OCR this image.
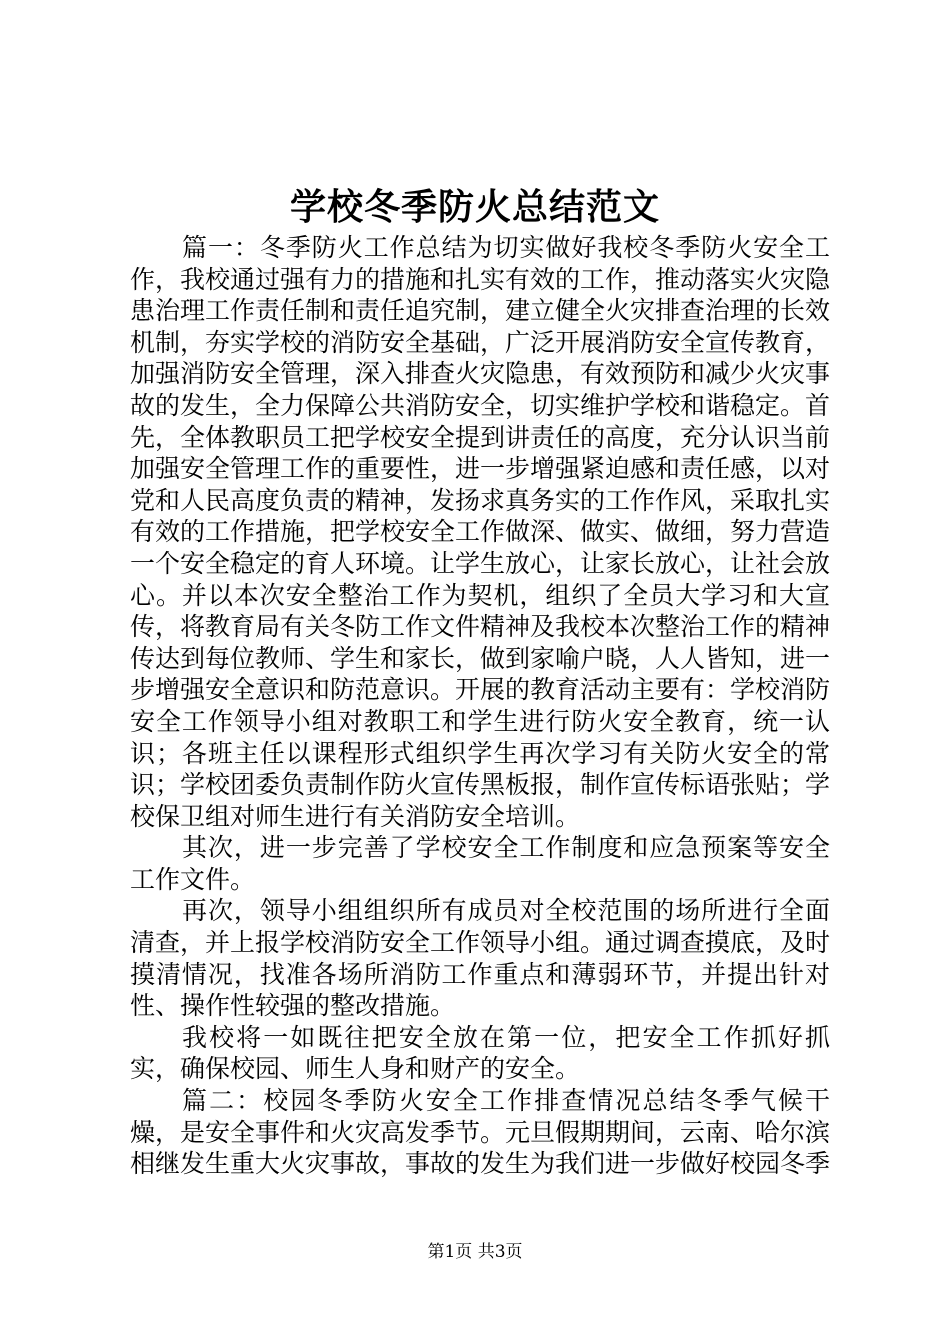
学校冬季防火总结范文

篇一：冬季防火工作总结为切实做好我校冬季防火安全工作，我校通过强有力的措施和扎实有效的工作，推动落实火灾隐患治理工作责任制和责任追究制，建立健全火灾排查治理的长效机制，夯实学校的消防安全基础，广泛开展消防安全宣传教育，加强消防安全管理，深入排查火灾隐患，有效预防和减少火灾事故的发生，全力保障公共消防安全，切实维护学校和谐稳定。首先，全体教职员工把学校安全提到讲责任的高度，充分认识当前加强安全管理工作的重要性，进一步增强紧迫感和责任感，以对党和人民高度负责的精神，发扬求真务实的工作作风，采取扎实有效的工作措施，把学校安全工作做深、做实、做细，努力营造一个安全稳定的育人环境。让学生放心，让家长放心，让社会放心。并以本次安全整治工作为契机，组织了全员大学习和大宣传，将教育局有关冬防工作文件精神及我校本次整治工作的精神传达到每位教师、学生和家长，做到家喻户晓，人人皆知，进一步增强安全意识和防范意识。开展的教育活动主要有：学校消防安全工作领导小组对教职工和学生进行防火安全教育，统一认识；各班主任以课程形式组织学生再次学习有关防火安全的常识；学校团委负责制作防火宣传黑板报，制作宣传标语张贴；学校保卫组对师生进行有关消防安全培训。

其次，进一步完善了学校安全工作制度和应急预案等安全工作文件。

再次，领导小组组织所有成员对全校范围的场所进行全面清查，并上报学校消防安全工作领导小组。通过调查摸底，及时摸清情况，找准各场所消防工作重点和薄弱环节，并提出针对性、操作性较强的整改措施。

我校将一如既往把安全放在第一位，把安全工作抓好抓实，确保校园、师生人身和财产的安全。

篇二：校园冬季防火安全工作排查情况总结冬季气候干燥，是安全事件和火灾高发季节。元旦假期期间，云南、哈尔滨相继发生重大火灾事故，事故的发生为我们进一步做好校园冬季

第1页 共3页
